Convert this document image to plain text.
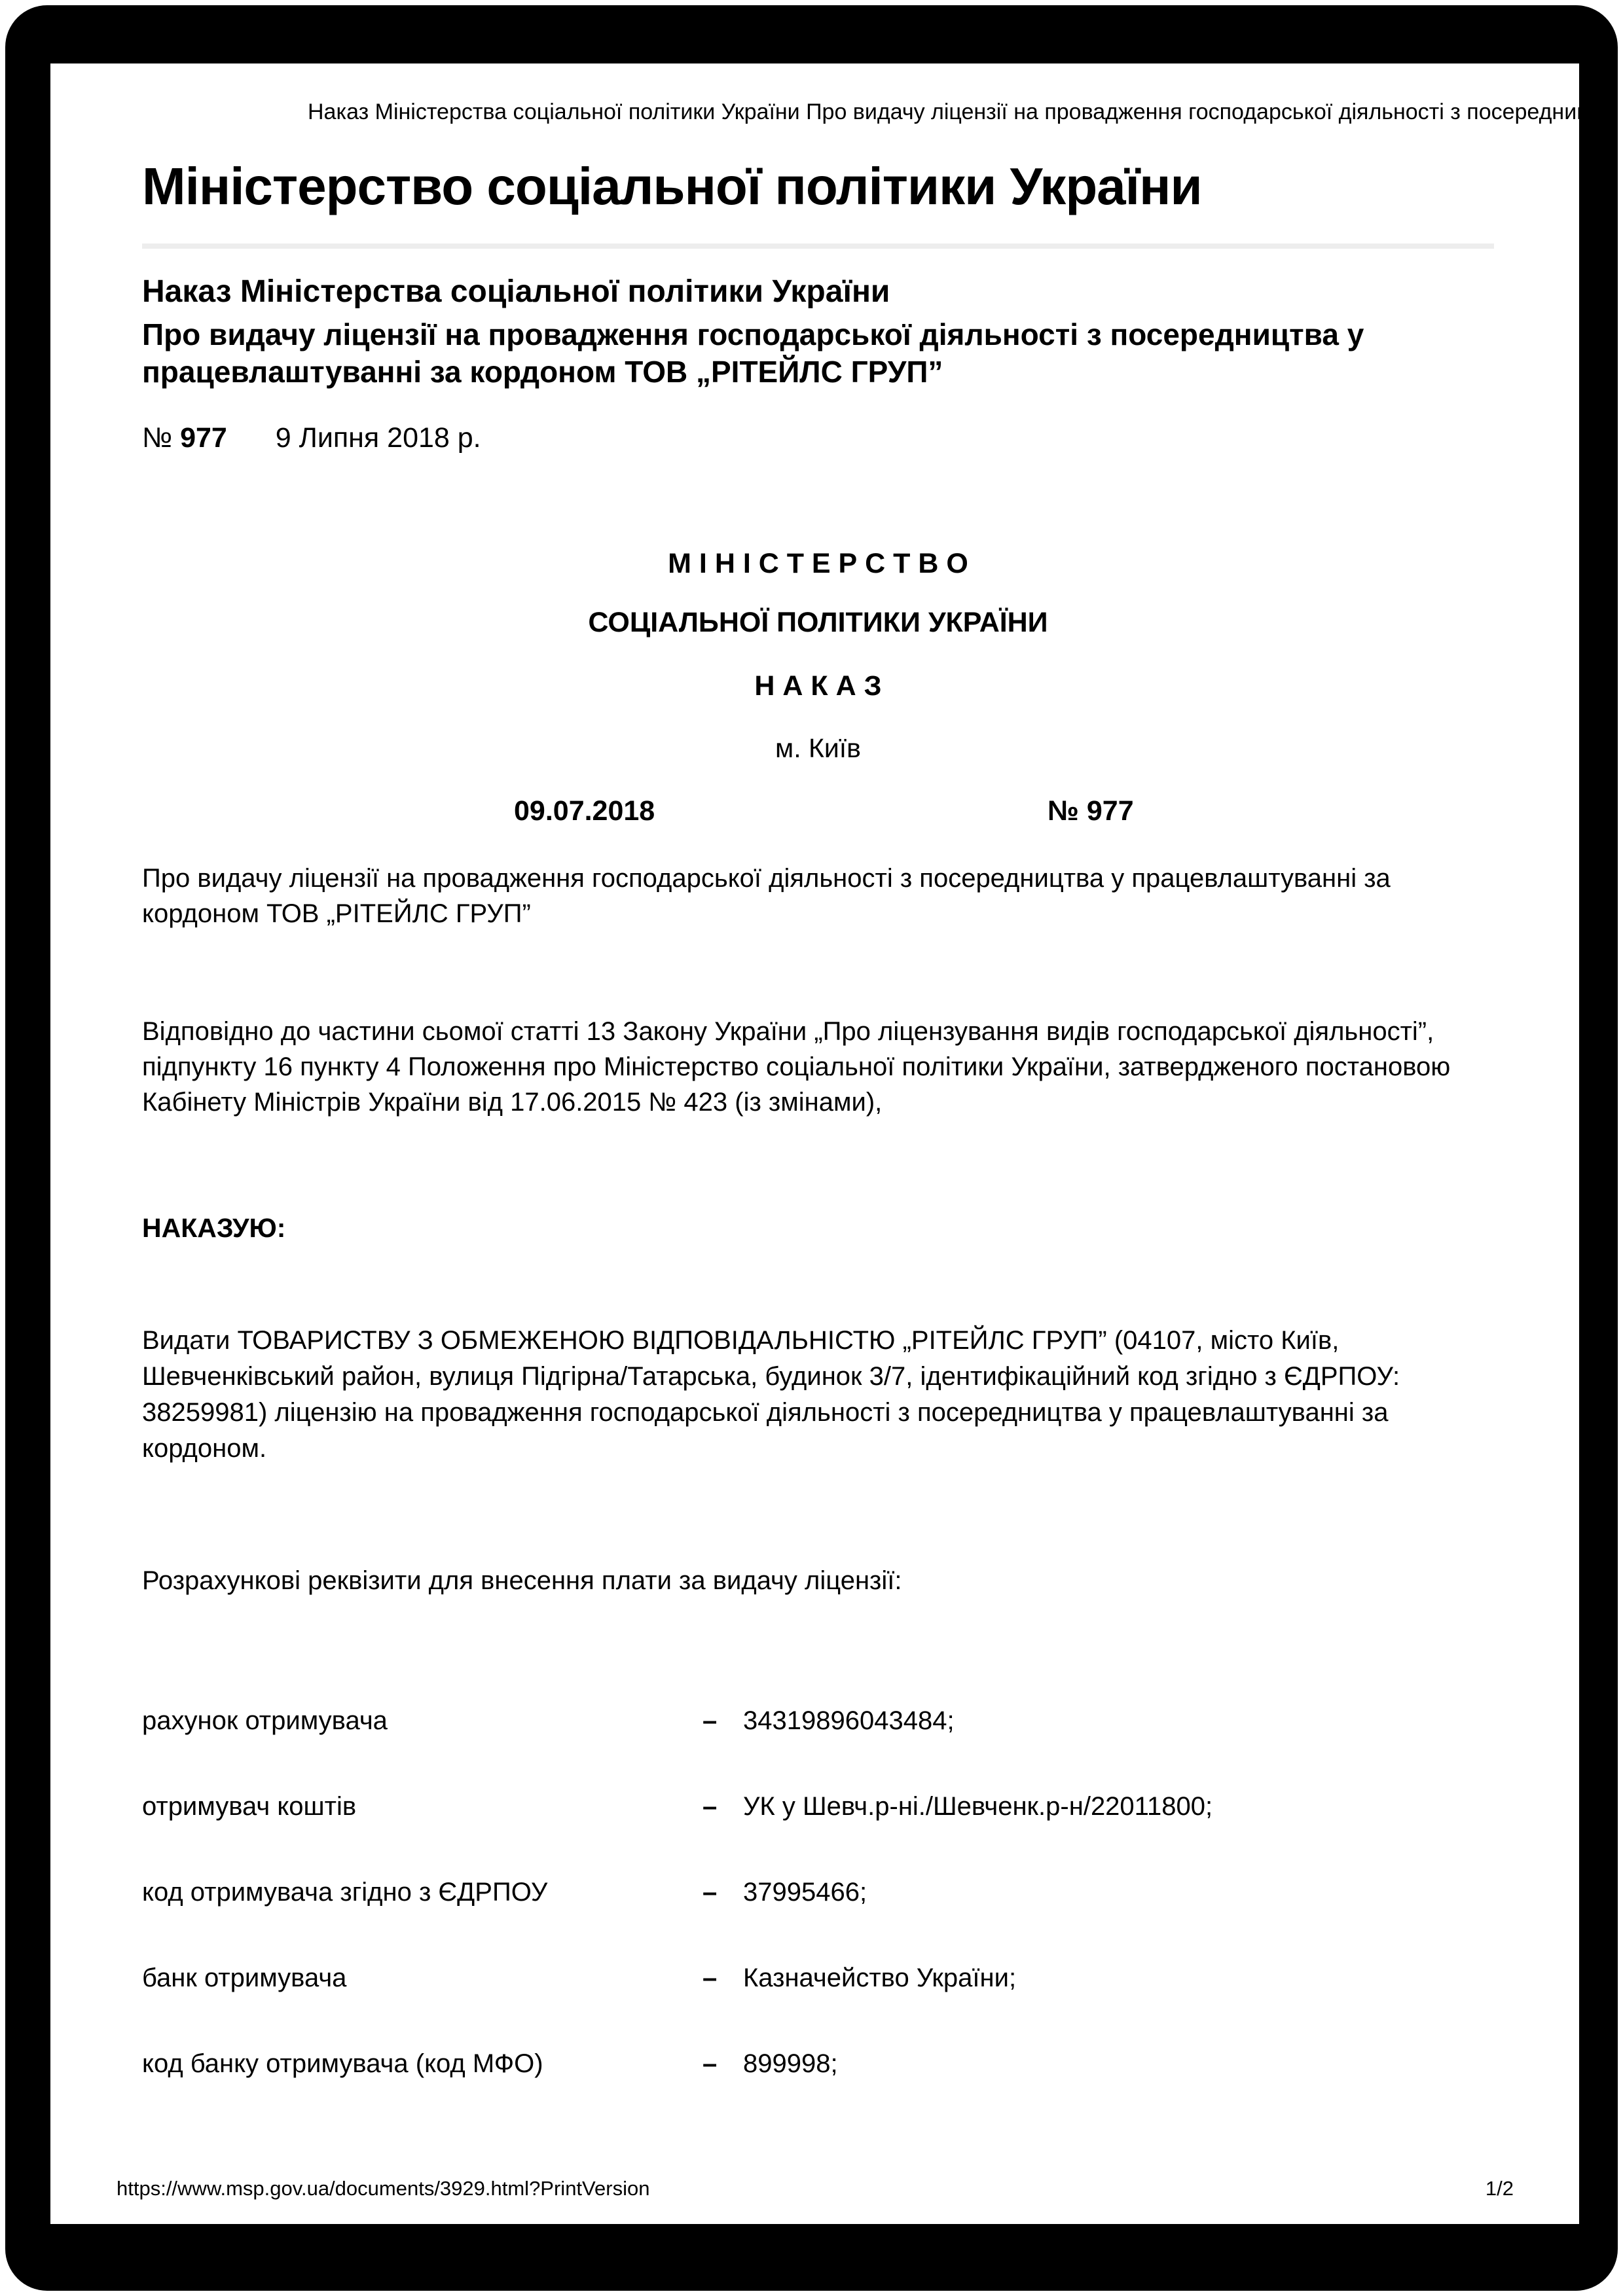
Наказ Міністерства соціальної політики України Про видачу ліцензії на провадження господарської діяльності з посередниц…
Міністерство соціальної політики України
Наказ Міністерства соціальної політики України
Про видачу ліцензії на провадження господарської діяльності з посередництва у працевлаштуванні за кордоном ТОВ „РІТЕЙЛС ГРУП”
№ 977 9 Липня 2018 р.
М І Н І С Т Е Р С Т В О
СОЦІАЛЬНОЇ ПОЛІТИКИ УКРАЇНИ
Н А К А З
м. Київ
09.07.2018	№ 977
Про видачу ліцензії на провадження господарської діяльності з посередництва у працевлаштуванні за кордоном ТОВ „РІТЕЙЛС ГРУП”
Відповідно до частини сьомої статті 13 Закону України „Про ліцензування видів господарської діяльності”, підпункту 16 пункту 4 Положення про Міністерство соціальної політики України, затвердженого постановою Кабінету Міністрів України від 17.06.2015 № 423 (із змінами),
НАКАЗУЮ:
Видати ТОВАРИСТВУ З ОБМЕЖЕНОЮ ВІДПОВІДАЛЬНІСТЮ „РІТЕЙЛС ГРУП” (04107, місто Київ, Шевченківський район, вулиця Підгірна/Татарська, будинок 3/7, ідентифікаційний код згідно з ЄДРПОУ: 38259981) ліцензію на провадження господарської діяльності з посередництва у працевлаштуванні за кордоном.
Розрахункові реквізити для внесення плати за видачу ліцензії:
рахунок отримувача	– 34319896043484;
отримувач коштів	– УК у Шевч.р-ні./Шевченк.р-н/22011800;
код отримувача згідно з ЄДРПОУ	– 37995466;
банк отримувача	– Казначейство України;
код банку отримувача (код МФО)	– 899998;
https://www.msp.gov.ua/documents/3929.html?PrintVersion	1/2
